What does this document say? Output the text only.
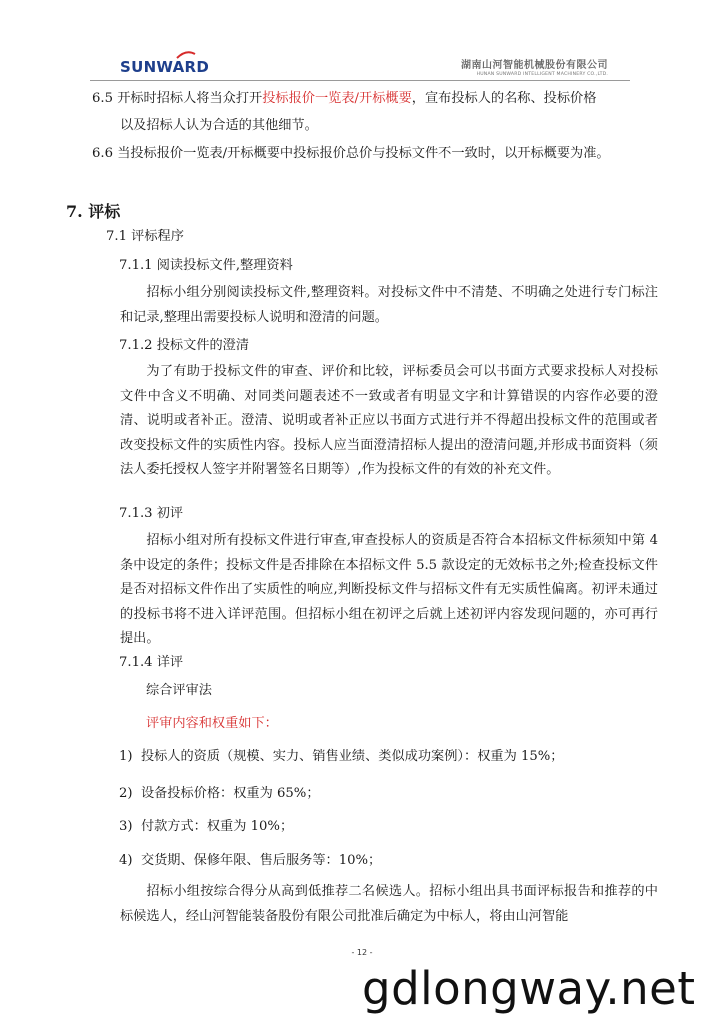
SUNWARD	湖南山河智能机械股份有限公司
HUNAN SUNWARD INTELLIGENT MACHINERY CO.,LTD.
6.5 开标时招标人将当众打开投标报价一览表/开标概要，宣布投标人的名称、投标价格
以及招标人认为合适的其他细节。
6.6 当投标报价一览表/开标概要中投标报价总价与投标文件不一致时，以开标概要为准。
7. 评标
7.1 评标程序
7.1.1 阅读投标文件,整理资料
招标小组分别阅读投标文件,整理资料。对投标文件中不清楚、不明确之处进行专门标注和记录,整理出需要投标人说明和澄清的问题。
7.1.2 投标文件的澄清
为了有助于投标文件的审查、评价和比较，评标委员会可以书面方式要求投标人对投标文件中含义不明确、对同类问题表述不一致或者有明显文字和计算错误的内容作必要的澄清、说明或者补正。澄清、说明或者补正应以书面方式进行并不得超出投标文件的范围或者改变投标文件的实质性内容。投标人应当面澄清招标人提出的澄清问题,并形成书面资料（须法人委托授权人签字并附署签名日期等）,作为投标文件的有效的补充文件。
7.1.3 初评
招标小组对所有投标文件进行审查,审查投标人的资质是否符合本招标文件标须知中第 4 条中设定的条件；投标文件是否排除在本招标文件 5.5 款设定的无效标书之外;检查投标文件是否对招标文件作出了实质性的响应,判断投标文件与招标文件有无实质性偏离。初评未通过的投标书将不进入详评范围。但招标小组在初评之后就上述初评内容发现问题的，亦可再行提出。
7.1.4 详评
综合评审法
评审内容和权重如下：
1) 投标人的资质（规模、实力、销售业绩、类似成功案例）：权重为 15%；
2) 设备投标价格：权重为 65%；
3) 付款方式：权重为 10%；
4) 交货期、保修年限、售后服务等：10%；
招标小组按综合得分从高到低推荐二名候选人。招标小组出具书面评标报告和推荐的中标候选人，经山河智能装备股份有限公司批准后确定为中标人，将由山河智能
- 12 -
gdlongway.net
